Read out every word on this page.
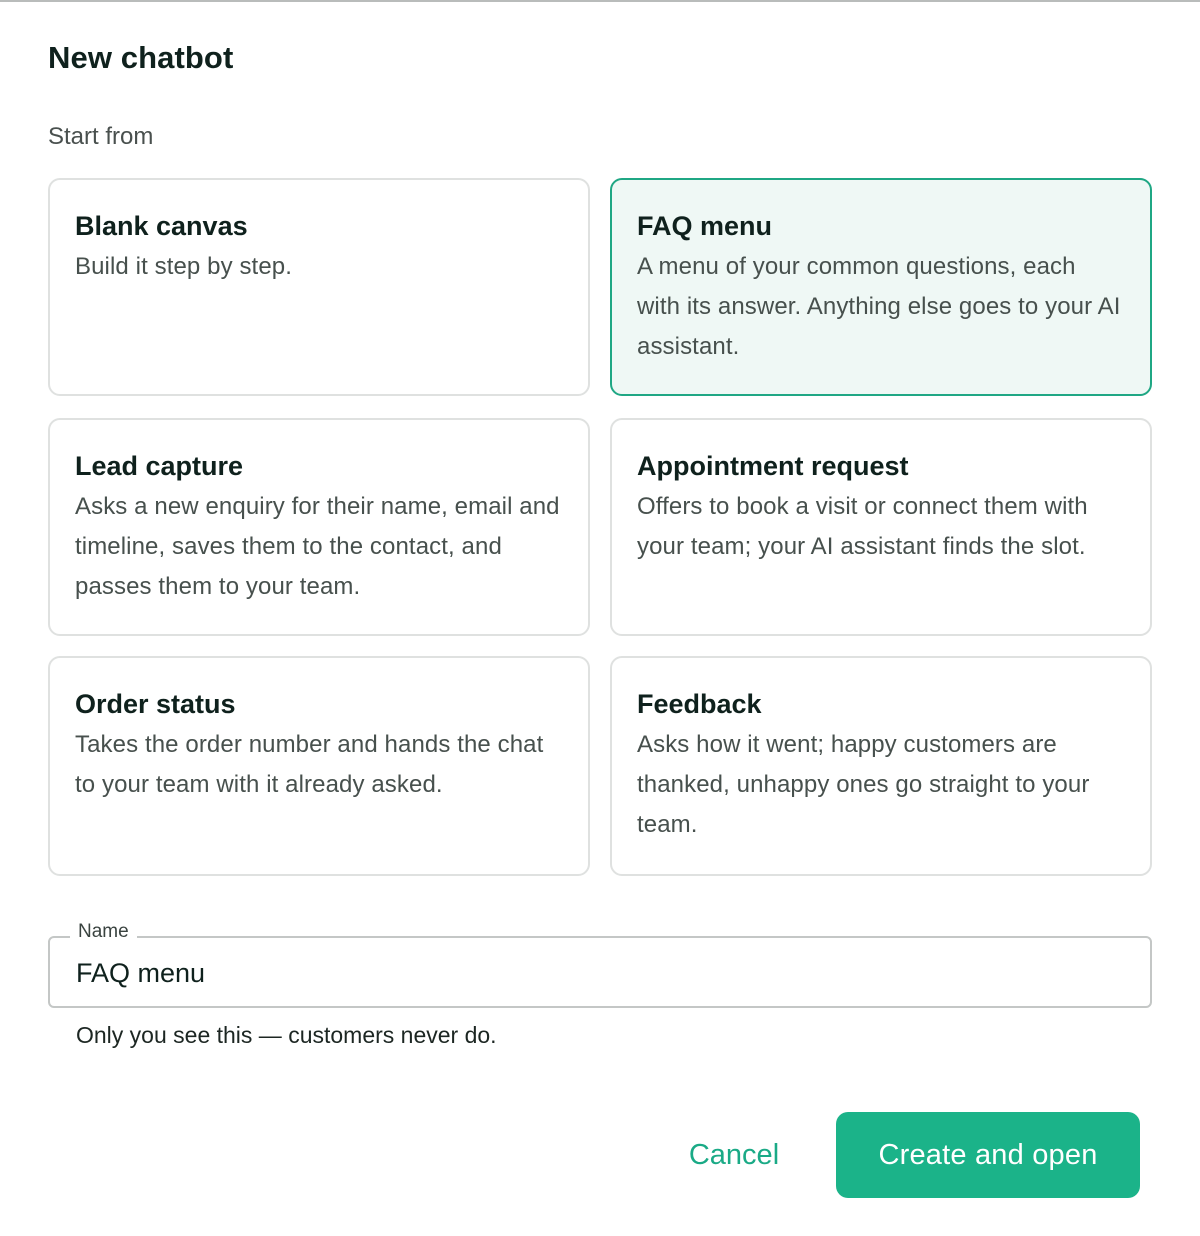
New chatbot
Start from
Blank canvas
Build it step by step.
FAQ menu
A menu of your common questions, each with its answer. Anything else goes to your AI assistant.
Lead capture
Asks a new enquiry for their name, email and timeline, saves them to the contact, and passes them to your team.
Appointment request
Offers to book a visit or connect them with your team; your AI assistant finds the slot.
Order status
Takes the order number and hands the chat to your team with it already asked.
Feedback
Asks how it went; happy customers are thanked, unhappy ones go straight to your team.
Name
FAQ menu
Only you see this — customers never do.
Cancel	Create and open
